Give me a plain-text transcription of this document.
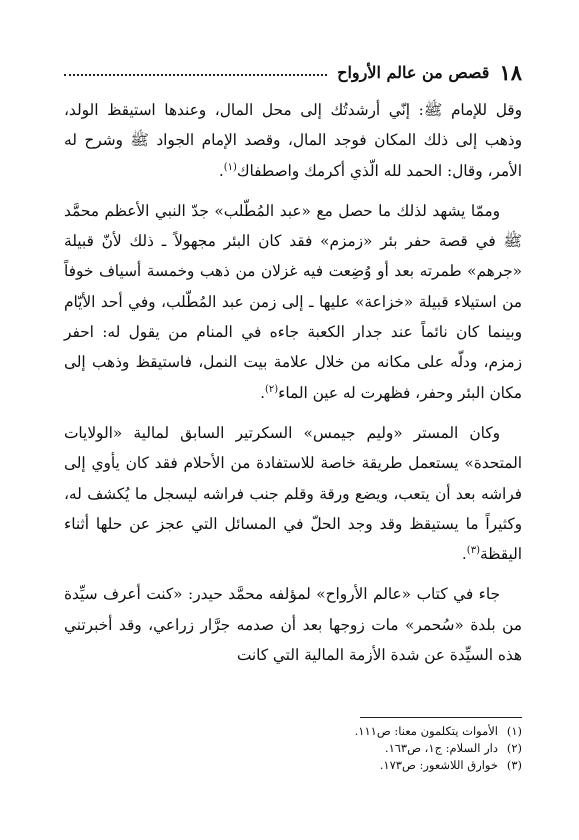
١٨
قصص من عالم الأرواح

وقل للإمام ﷺ: إنّي أرشدتُك إلى محل المال، وعندها استيقظ الولد، وذهب إلى ذلك المكان فوجد المال، وقصد الإمام الجواد ﷺ وشرح له الأمر، وقال: الحمد لله الّذي أكرمك واصطفاك$^{(١)}$.

وممّا يشهد لذلك ما حصل مع «عبد المُطّلب» جدّ النبي الأعظم محمَّد ﷺ في قصة حفر بئر «زمزم» فقد كان البئر مجهولاً ـ ذلك لأنّ قبيلة «جرهم» طمرته بعد أو وُضِعت فيه غزلان من ذهب وخمسة أسياف خوفاً من استيلاء قبيلة «خزاعة» عليها ـ إلى زمن عبد المُطّلب، وفي أحد الأيّام وبينما كان نائماً عند جدار الكعبة جاءه في المنام من يقول له: احفر زمزم، ودلّه على مكانه من خلال علامة بيت النمل، فاستيقظ وذهب إلى مكان البئر وحفر، فظهرت له عين الماء$^{(٢)}$.

وكان المستر «وليم جيمس» السكرتير السابق لمالية «الولايات المتحدة» يستعمل طريقة خاصة للاستفادة من الأحلام فقد كان يأوي إلى فراشه بعد أن يتعب، ويضع ورقة وقلم جنب فراشه ليسجل ما يُكشف له، وكثيراً ما يستيقظ وقد وجد الحلّ في المسائل التي عجز عن حلها أثناء اليقظة$^{(٣)}$.

جاء في كتاب «عالم الأرواح» لمؤلفه محمَّد حيدر: «كنت أعرف سيِّدة من بلدة «سُحمر» مات زوجها بعد أن صدمه جرَّار زراعي، وقد أخبرتني هذه السيِّدة عن شدة الأزمة المالية التي كانت

(١)
الأموات يتكلمون معنا: ص١١١.
(٢)
دار السلام: ج١، ص١٦٣.
(٣)
خوارق اللاشعور: ص١٧٣.
